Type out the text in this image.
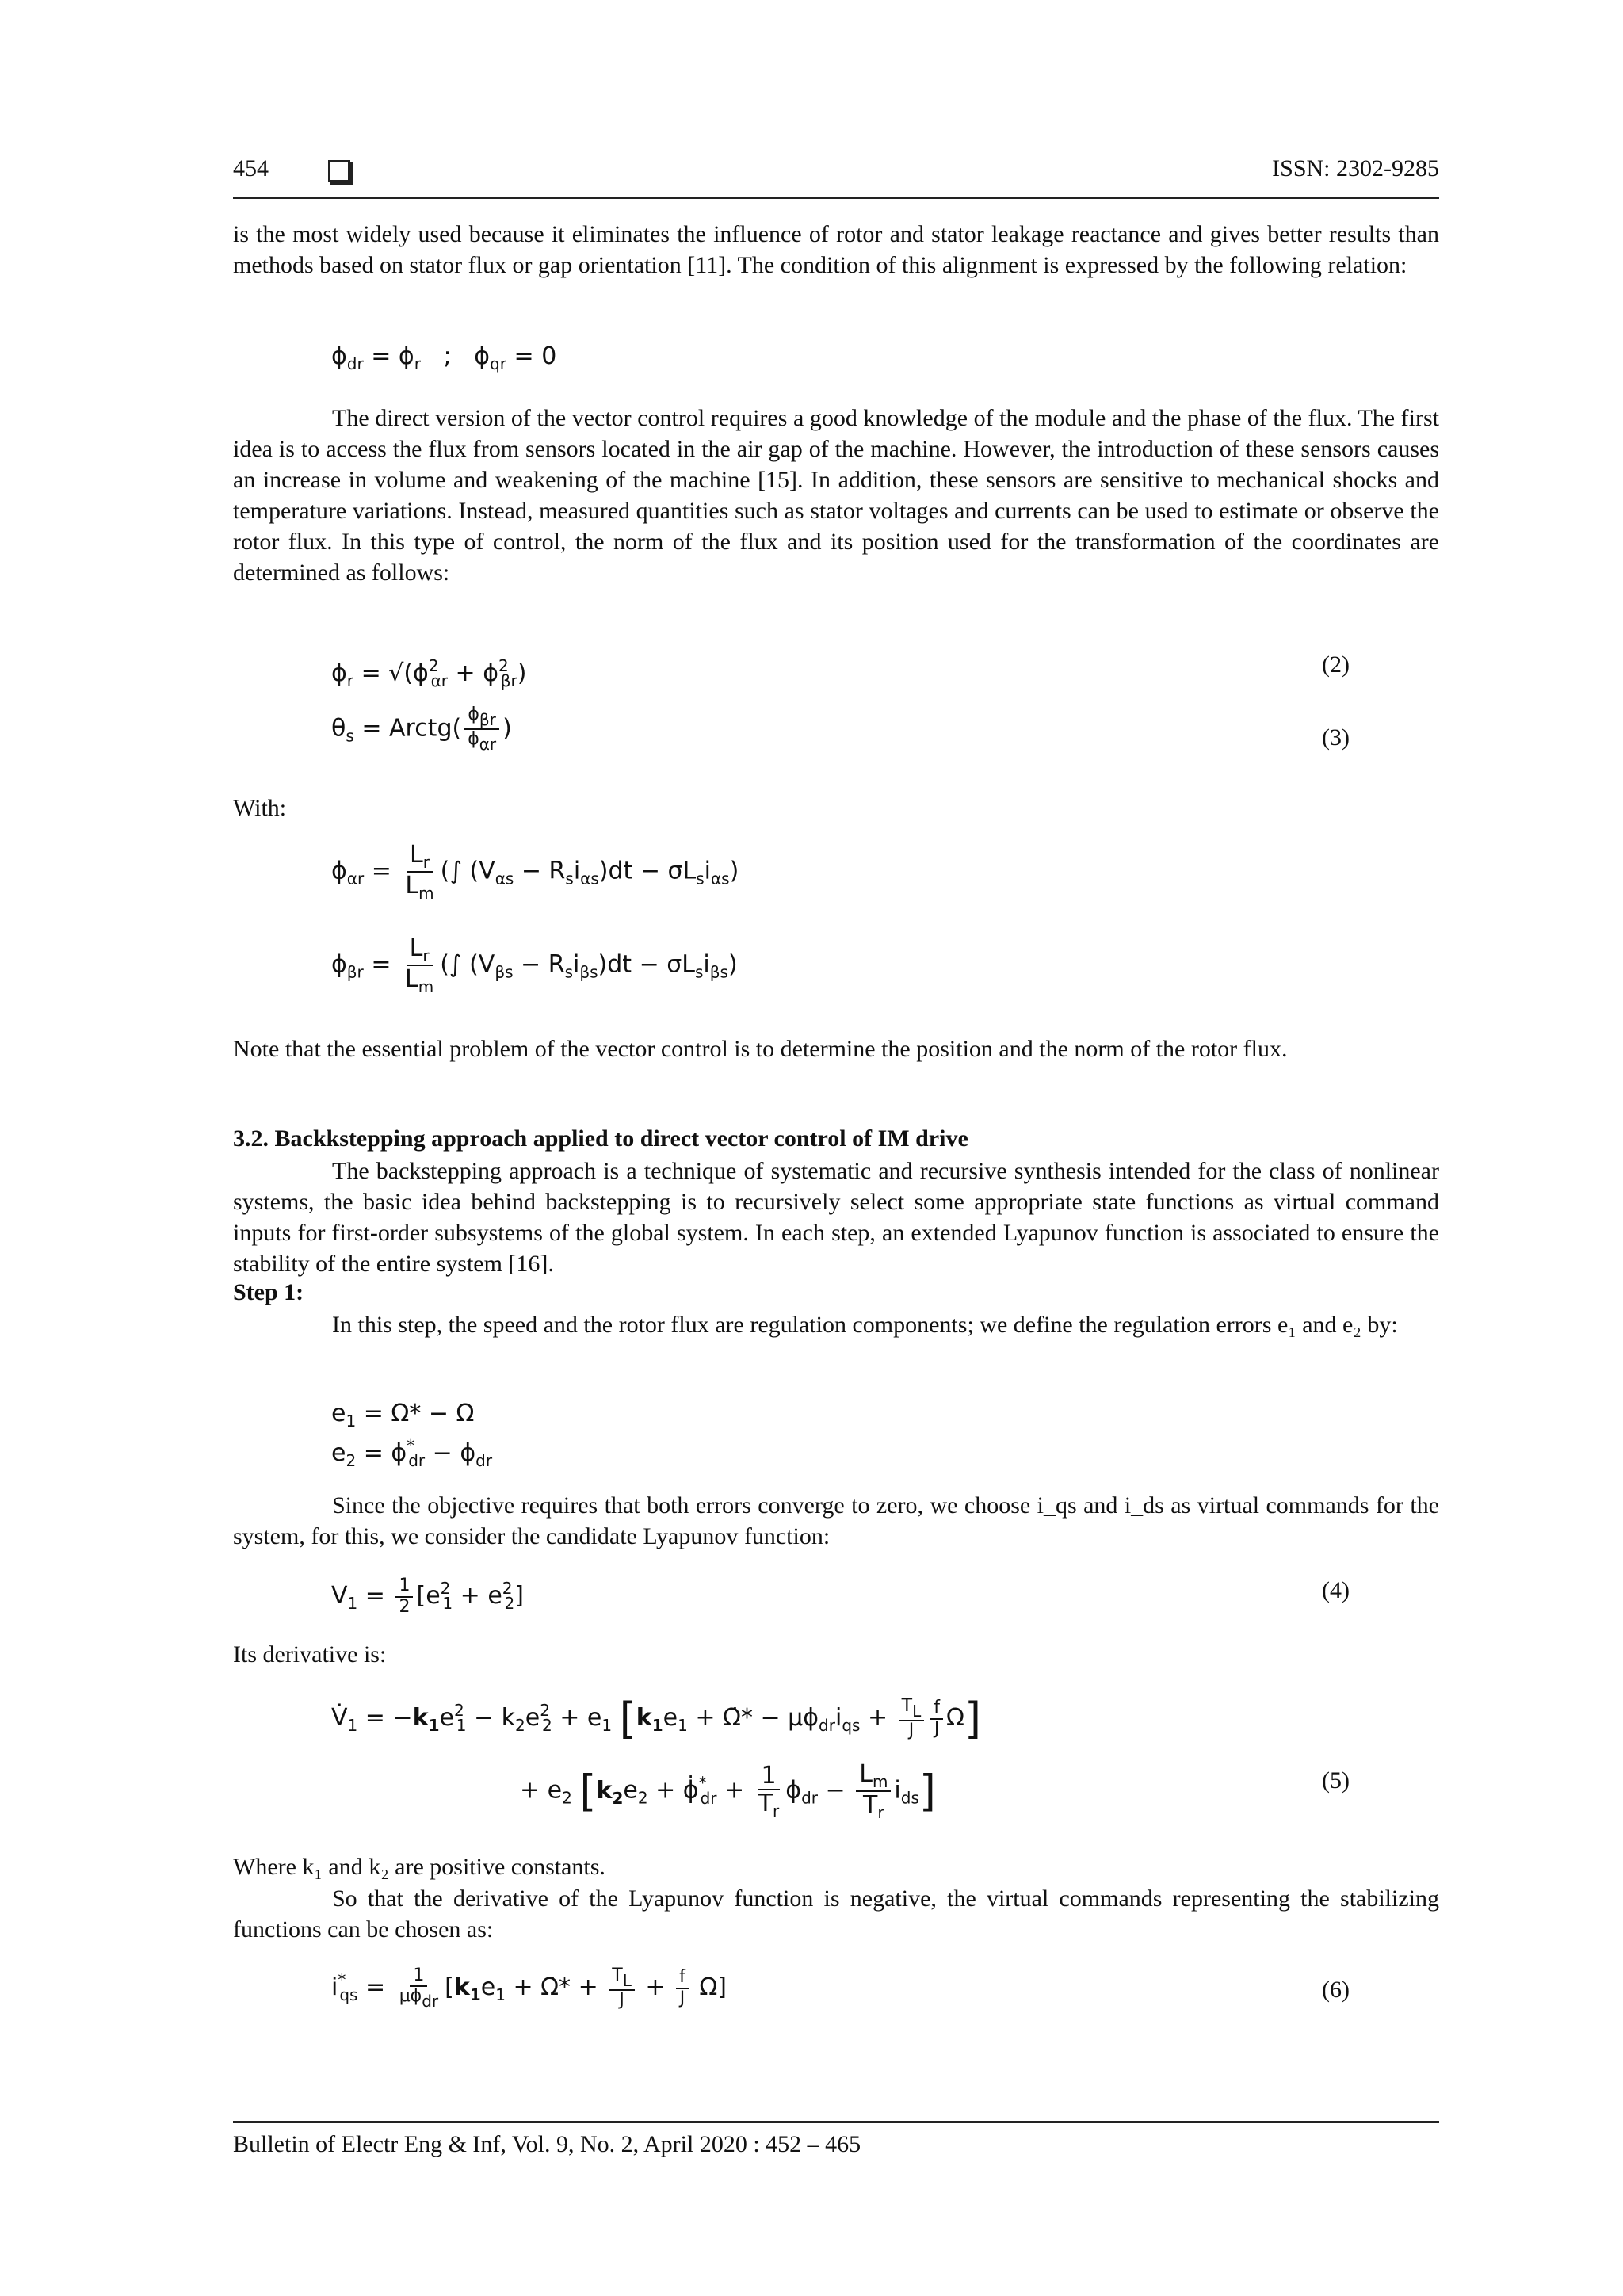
454	ISSN: 2302-9285
is the most widely used because it eliminates the influence of rotor and stator leakage reactance and gives better results than methods based on stator flux or gap orientation [11]. The condition of this alignment is expressed by the following relation:
$\phi_{dr} = \phi_r$   ;   $\phi_{qr} = 0$
The direct version of the vector control requires a good knowledge of the module and the phase of the flux. The first idea is to access the flux from sensors located in the air gap of the machine. However, the introduction of these sensors causes an increase in volume and weakening of the machine [15]. In addition, these sensors are sensitive to mechanical shocks and temperature variations. Instead, measured quantities such as stator voltages and currents can be used to estimate or observe the rotor flux. In this type of control, the norm of the flux and its position used for the transformation of the coordinates are determined as follows:
$\phi_r = √(\phi^2_{\alpha r} + \phi^2_{\beta r})$	(2)
$\theta_s$ = Arctg( $\frac{\text{ϕβr}}{\text{ϕαr}}$ )	(3)
With:
$\phi_{\alpha r} = \frac{L_r}{L_m}$ (∫ $(V_{\alpha s} - R_si_{\alpha s})dt - \sigma L_si_{\alpha s}$)
$\phi_{\beta r} = \frac{L_r}{L_m}$ (∫ $(V_{\beta s} - R_si_{\beta s})dt - \sigma L_si_{\beta s}$)
Note that the essential problem of the vector control is to determine the position and the norm of the rotor flux.
3.2. Backkstepping approach applied to direct vector control of IM drive
The backstepping approach is a technique of systematic and recursive synthesis intended for the class of nonlinear systems, the basic idea behind backstepping is to recursively select some appropriate state functions as virtual command inputs for first-order subsystems of the global system. In each step, an extended Lyapunov function is associated to ensure the stability of the entire system [16].
Step 1:
In this step, the speed and the rotor flux are regulation components; we define the regulation errors e₁ and e₂ by:
$e_1 = \Omega* - \Omega$
$e_2 = \phi^*_{dr} - \phi_{dr}$
Since the objective requires that both errors converge to zero, we choose i_qs and i_ds as virtual commands for the system, for this, we consider the candidate Lyapunov function:
$V_1 = \frac{1}{2} [e^2_1 + e^2_2]$	(4)
Its derivative is:
$V̇_1 = -k_1e^2_1 - k_2e^2_2 + e_1$ [$k_1e_1$ + Ω̇* − $\mu\phi_{dr}i_{qs} + \frac{TL}{J} \frac{f}{J} \Omega$]
+ $e_2$ [$k_2e_2$ + $\phi̇^*_{dr} + \frac{1}{T_r} \phi_{dr} - \frac{L_m}{T_r} i_{ds}$]	(5)
Where k₁ and k₂ are positive constants.
So that the derivative of the Lyapunov function is negative, the virtual commands representing the stabilizing functions can be chosen as:
$i^*_{qs} = \frac{1}{\text{μϕdr}} [k_1e_1$ + Ω̇* + $\frac{TL}{J} + \frac{f}{J} \Omega$]	(6)
Bulletin of Electr Eng & Inf, Vol. 9, No. 2, April 2020 : 452 – 465
